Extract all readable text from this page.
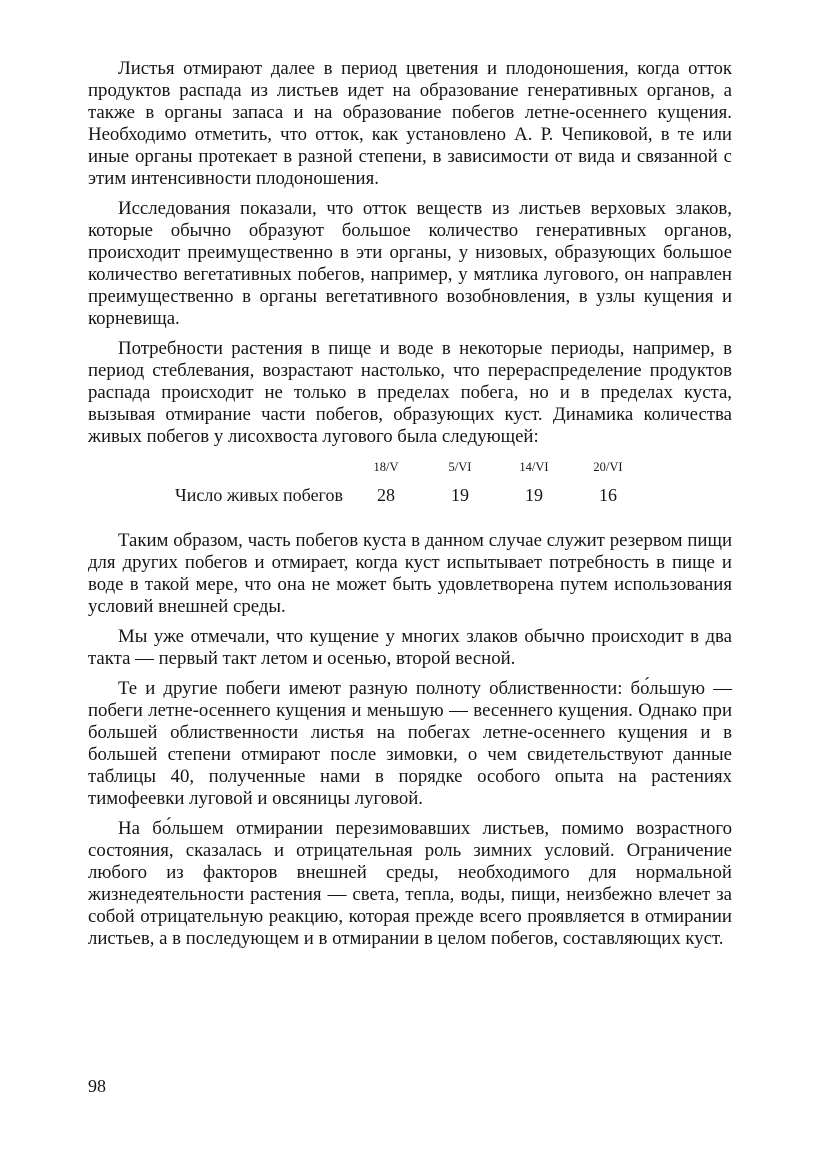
Листья отмирают далее в период цветения и плодоношения, когда отток продуктов распада из листьев идет на образование генеративных органов, а также в органы запаса и на образование побегов летне-осеннего кущения. Необходимо отметить, что отток, как установлено А. Р. Чепиковой, в те или иные органы протекает в разной степени, в зависимости от вида и связанной с этим интенсивности плодоношения.

Исследования показали, что отток веществ из листьев верховых злаков, которые обычно образуют большое количество генеративных органов, происходит преимущественно в эти органы, у низовых, образующих большое количество вегетативных побегов, например, у мятлика лугового, он направлен преимущественно в органы вегетативного возобновления, в узлы кущения и корневища.

Потребности растения в пище и воде в некоторые периоды, например, в период стеблевания, возрастают настолько, что перераспределение продуктов распада происходит не только в пределах побега, но и в пределах куста, вызывая отмирание части побегов, образующих куст. Динамика количества живых побегов у лисохвоста лугового была следующей:

	18/V	5/VI	14/VI	20/VI
Число живых побегов	28	19	19	16

Таким образом, часть побегов куста в данном случае служит резервом пищи для других побегов и отмирает, когда куст испытывает потребность в пище и воде в такой мере, что она не может быть удовлетворена путем использования условий внешней среды.

Мы уже отмечали, что кущение у многих злаков обычно происходит в два такта — первый такт летом и осенью, второй весной.

Те и другие побеги имеют разную полноту облиственности: бо́льшую — побеги летне-осеннего кущения и меньшую — весеннего кущения. Однако при большей облиственности листья на побегах летне-осеннего кущения и в большей степени отмирают после зимовки, о чем свидетельствуют данные таблицы 40, полученные нами в порядке особого опыта на растениях тимофеевки луговой и овсяницы луговой.

На бо́льшем отмирании перезимовавших листьев, помимо возрастного состояния, сказалась и отрицательная роль зимних условий. Ограничение любого из факторов внешней среды, необходимого для нормальной жизнедеятельности растения — света, тепла, воды, пищи, неизбежно влечет за собой отрицательную реакцию, которая прежде всего проявляется в отмирании листьев, а в последующем и в отмирании в целом побегов, составляющих куст.

98
